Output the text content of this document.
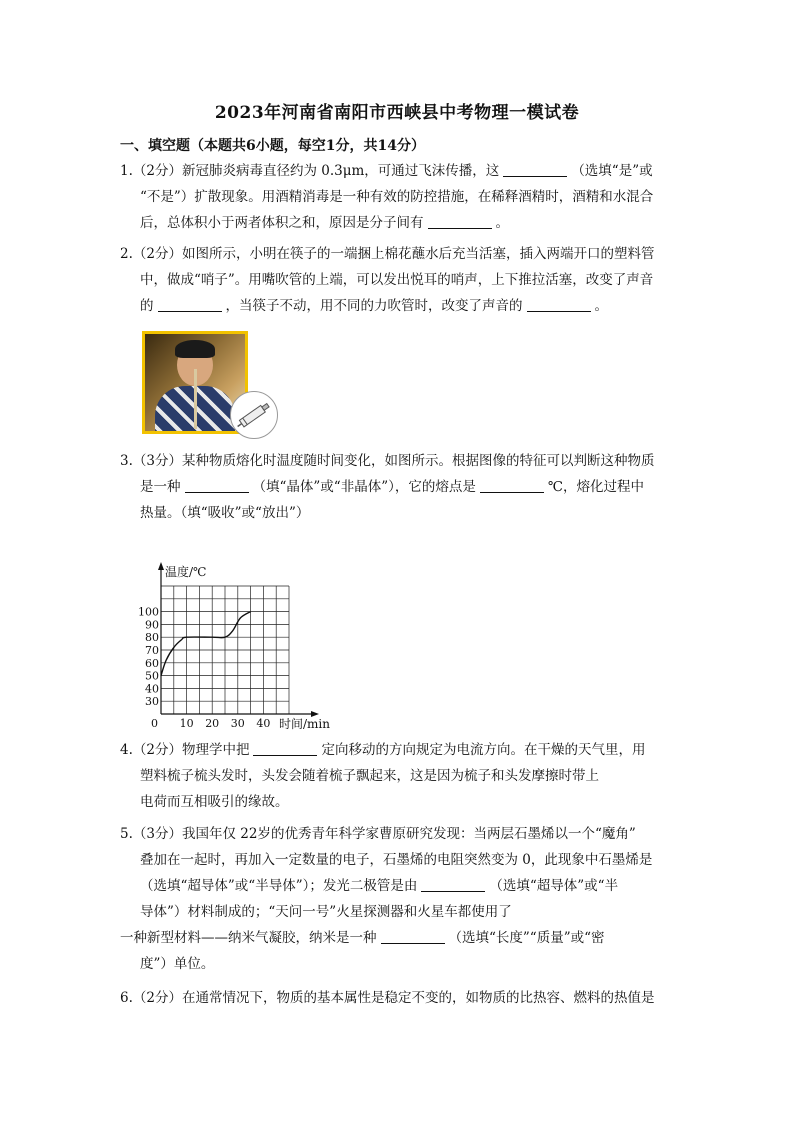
2023年河南省南阳市西峡县中考物理一模试卷
一、填空题（本题共6小题，每空1分，共14分）
1.（2分）新冠肺炎病毒直径约为 0.3μm，可通过飞沫传播，这	（选填“是”或
“不是”）扩散现象。用酒精消毒是一种有效的防控措施，在稀释酒精时，酒精和水混合
后，总体积小于两者体积之和，原因是分子间有	。
2.（2分）如图所示，小明在筷子的一端捆上棉花蘸水后充当活塞，插入两端开口的塑料管
中，做成“哨子”。用嘴吹管的上端，可以发出悦耳的哨声，上下推拉活塞，改变了声音
的	，当筷子不动，用不同的力吹管时，改变了声音的	。
3.（3分）某种物质熔化时温度随时间变化，如图所示。根据图像的特征可以判断这种物质
是一种	（填“晶体”或“非晶体”），它的熔点是	℃，熔化过程中
热量。（填“吸收”或“放出”）
温度/℃
时间/min
0 10 20 30 40
30
40
50
60
70
80
90
100
4.（2分）物理学中把	定向移动的方向规定为电流方向。在干燥的天气里，用
塑料梳子梳头发时，头发会随着梳子飘起来，这是因为梳子和头发摩擦时带上
电荷而互相吸引的缘故。
5.（3分）我国年仅 22岁的优秀青年科学家曹原研究发现：当两层石墨烯以一个“魔角”
叠加在一起时，再加入一定数量的电子，石墨烯的电阻突然变为 0，此现象中石墨烯是
（选填“超导体”或“半导体”）；发光二极管是由	（选填“超导体”或“半
导体”）材料制成的；“天问一号”火星探测器和火星车都使用了
一种新型材料——纳米气凝胶，纳米是一种	（选填“长度”“质量”或“密
度”）单位。
6.（2分）在通常情况下，物质的基本属性是稳定不变的，如物质的比热容、燃料的热值是
